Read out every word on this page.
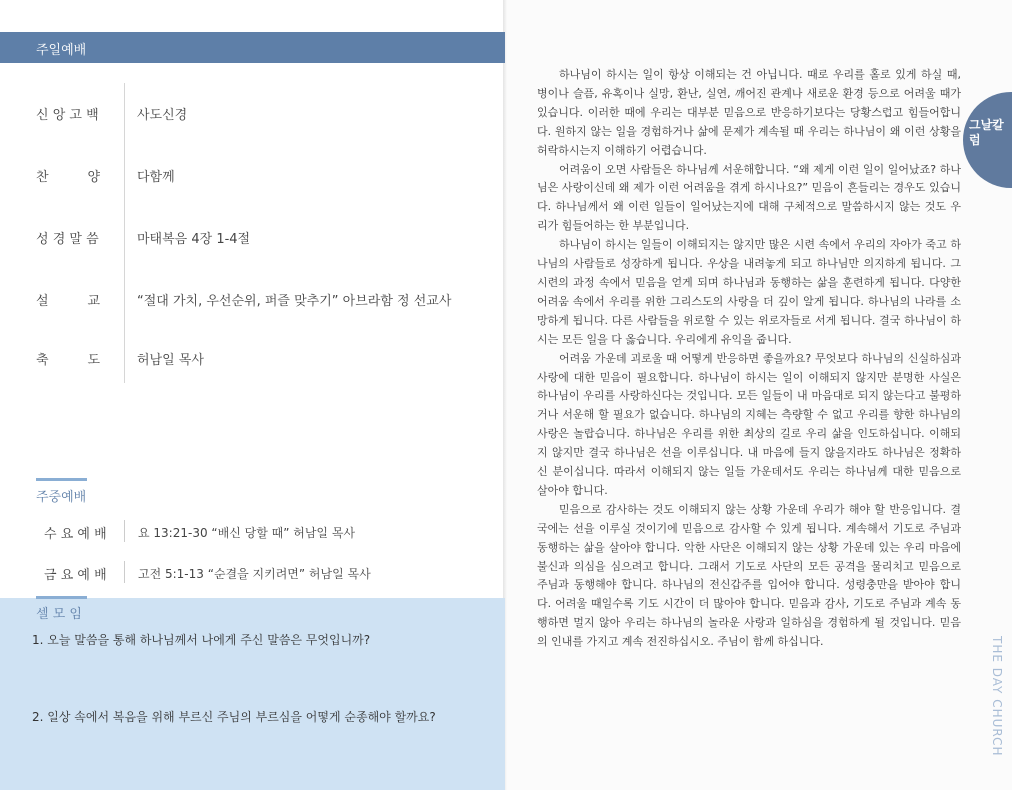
주일예배
신 앙 고 백	사도신경
찬　　　양	다함께
성 경 말 씀	마태복음 4장 1-4절
설　　　교	“절대 가치, 우선순위, 퍼즐 맞추기” 아브라함 정 선교사
축　　　도	허남일 목사
주중예배
수 요 예 배	요 13:21-30 “배신 당할 때” 허남일 목사
금 요 예 배	고전 5:1-13 “순결을 지키려면” 허남일 목사
셀 모 임
1. 오늘 말씀을 통해 하나님께서 나에게 주신 말씀은 무엇입니까?
2. 일상 속에서 복음을 위해 부르신 주님의 부르심을 어떻게 순종해야 할까요?

하나님이 하시는 일이 항상 이해되는 건 아닙니다. 때로 우리를 홀로 있게 하실 때, 병이나 슬픔, 유혹이나 실망, 환난, 실연, 깨어진 관계나 새로운 환경 등으로 어려울 때가 있습니다. 이러한 때에 우리는 대부분 믿음으로 반응하기보다는 당황스럽고 힘들어합니다. 원하지 않는 일을 경험하거나 삶에 문제가 계속될 때 우리는 하나님이 왜 이런 상황을 허락하시는지 이해하기 어렵습니다.

어려움이 오면 사람들은 하나님께 서운해합니다. “왜 제게 이런 일이 일어났죠? 하나님은 사랑이신데 왜 제가 이런 어려움을 겪게 하시나요?” 믿음이 흔들리는 경우도 있습니다. 하나님께서 왜 이런 일들이 일어났는지에 대해 구체적으로 말씀하시지 않는 것도 우리가 힘들어하는 한 부분입니다.

하나님이 하시는 일들이 이해되지는 않지만 많은 시련 속에서 우리의 자아가 죽고 하나님의 사람들로 성장하게 됩니다. 우상을 내려놓게 되고 하나님만 의지하게 됩니다. 그 시련의 과정 속에서 믿음을 얻게 되며 하나님과 동행하는 삶을 훈련하게 됩니다. 다양한 어려움 속에서 우리를 위한 그리스도의 사랑을 더 깊이 알게 됩니다. 하나님의 나라를 소망하게 됩니다. 다른 사람들을 위로할 수 있는 위로자들로 서게 됩니다. 결국 하나님이 하시는 모든 일을 다 옳습니다. 우리에게 유익을 줍니다.

어려움 가운데 괴로울 때 어떻게 반응하면 좋을까요? 무엇보다 하나님의 신실하심과 사랑에 대한 믿음이 필요합니다. 하나님이 하시는 일이 이해되지 않지만 분명한 사실은 하나님이 우리를 사랑하신다는 것입니다. 모든 일들이 내 마음대로 되지 않는다고 불평하거나 서운해 할 필요가 없습니다. 하나님의 지혜는 측량할 수 없고 우리를 향한 하나님의 사랑은 놀랍습니다. 하나님은 우리를 위한 최상의 길로 우리 삶을 인도하십니다. 이해되지 않지만 결국 하나님은 선을 이루십니다. 내 마음에 들지 않을지라도 하나님은 정확하신 분이십니다. 따라서 이해되지 않는 일들 가운데서도 우리는 하나님께 대한 믿음으로 살아야 합니다.

믿음으로 감사하는 것도 이해되지 않는 상황 가운데 우리가 해야 할 반응입니다. 결국에는 선을 이루실 것이기에 믿음으로 감사할 수 있게 됩니다. 계속해서 기도로 주님과 동행하는 삶을 살아야 합니다. 악한 사단은 이해되지 않는 상황 가운데 있는 우리 마음에 불신과 의심을 심으려고 합니다. 그래서 기도로 사단의 모든 공격을 물리치고 믿음으로 주님과 동행해야 합니다. 하나님의 전신갑주를 입어야 합니다. 성령충만을 받아야 합니다. 어려울 때일수록 기도 시간이 더 많아야 합니다. 믿음과 감사, 기도로 주님과 계속 동행하면 멀지 않아 우리는 하나님의 놀라운 사랑과 일하심을 경험하게 될 것입니다. 믿음의 인내를 가지고 계속 전진하십시오. 주님이 함께 하십니다.

그날칼럼
THE DAY CHURCH
